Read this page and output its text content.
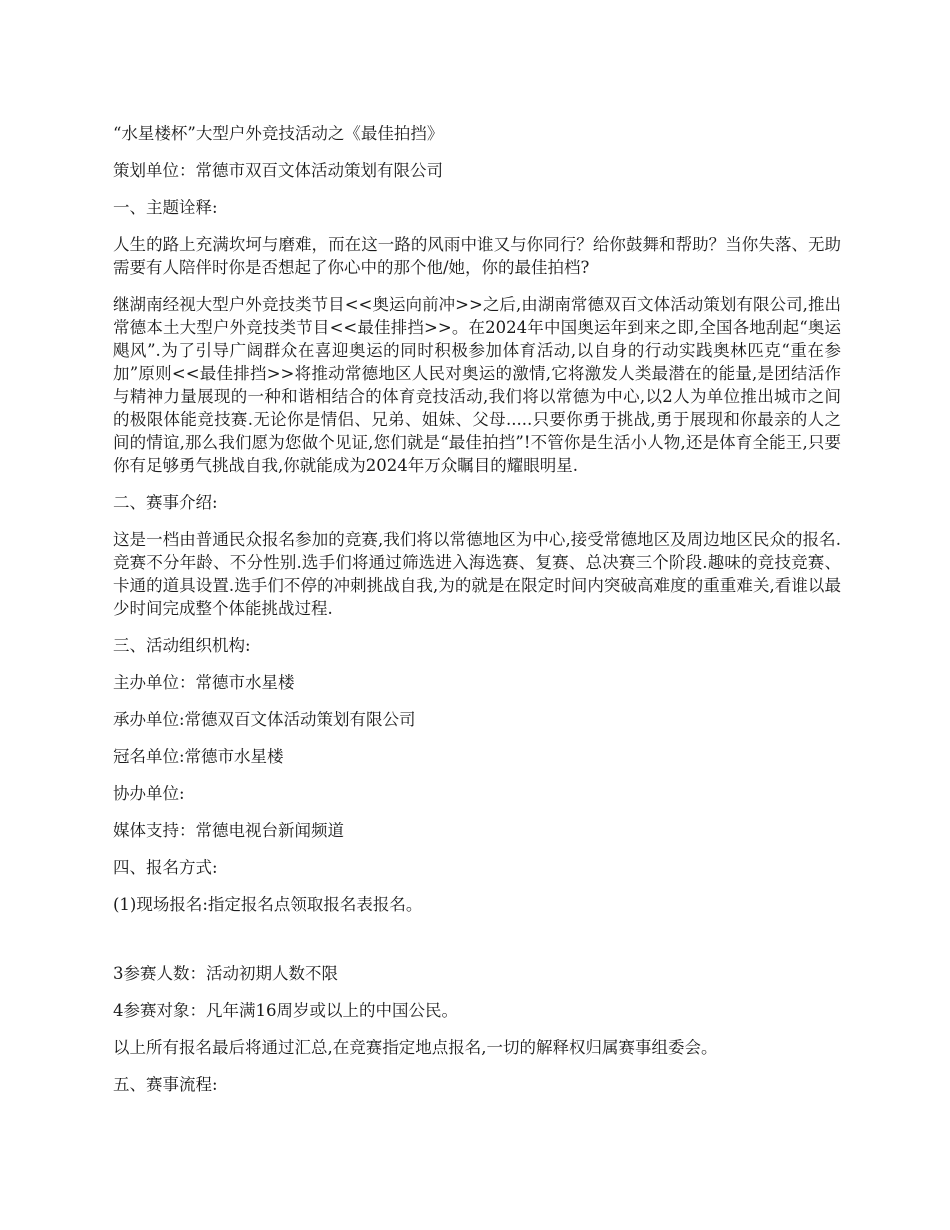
“水星楼杯”大型户外竞技活动之《最佳拍挡》

策划单位：常德市双百文体活动策划有限公司

一、主题诠释:

人生的路上充满坎坷与磨难，而在这一路的风雨中谁又与你同行？给你鼓舞和帮助？当你失落、无助需要有人陪伴时你是否想起了你心中的那个他/她，你的最佳拍档?

继湖南经视大型户外竞技类节目<<奥运向前冲>>之后,由湖南常德双百文体活动策划有限公司,推出常德本土大型户外竞技类节目<<最佳排挡>>。在2024年中国奥运年到来之即,全国各地刮起“奥运飓风”.为了引导广阔群众在喜迎奥运的同时积极参加体育活动,以自身的行动实践奥林匹克“重在参加”原则<<最佳排挡>>将推动常德地区人民对奥运的激情,它将激发人类最潜在的能量,是团结活作与精神力量展现的一种和谐相结合的体育竞技活动,我们将以常德为中心,以2人为单位推出城市之间的极限体能竞技赛.无论你是情侣、兄弟、姐妹、父母.....只要你勇于挑战,勇于展现和你最亲的人之间的情谊,那么我们愿为您做个见证,您们就是“最佳拍挡”!不管你是生活小人物,还是体育全能王,只要你有足够勇气挑战自我,你就能成为2024年万众瞩目的耀眼明星.

二、赛事介绍:

这是一档由普通民众报名参加的竞赛,我们将以常德地区为中心,接受常德地区及周边地区民众的报名.竞赛不分年龄、不分性别.选手们将通过筛选进入海选赛、复赛、总决赛三个阶段.趣味的竞技竞赛、卡通的道具设置.选手们不停的冲刺挑战自我,为的就是在限定时间内突破高难度的重重难关,看谁以最少时间完成整个体能挑战过程.

三、活动组织机构:

主办单位：常德市水星楼

承办单位:常德双百文体活动策划有限公司

冠名单位:常德市水星楼

协办单位:

媒体支持：常德电视台新闻频道

四、报名方式:

(1)现场报名:指定报名点领取报名表报名。

3参赛人数：活动初期人数不限

4参赛对象：凡年满16周岁或以上的中国公民。

以上所有报名最后将通过汇总,在竞赛指定地点报名,一切的解释权归属赛事组委会。

五、赛事流程:
